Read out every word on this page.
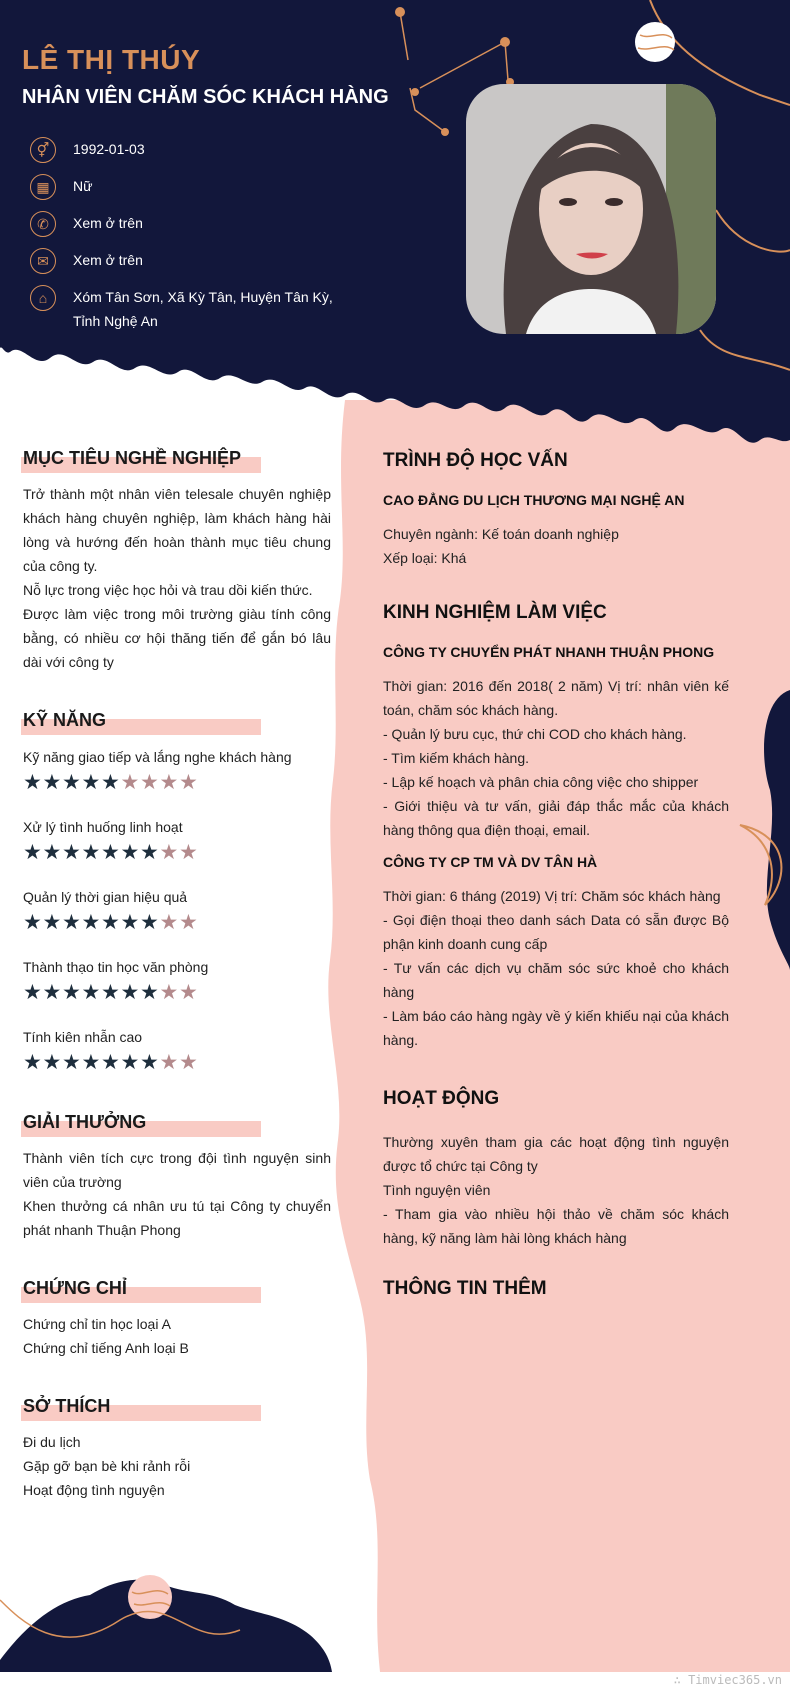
LÊ THỊ THÚY
NHÂN VIÊN CHĂM SÓC KHÁCH HÀNG
⚥	1992-01-03
▦	Nữ
✆	Xem ở trên
✉	Xem ở trên
⌂	Xóm Tân Sơn, Xã Kỳ Tân, Huyện Tân Kỳ, Tỉnh Nghệ An
MỤC TIÊU NGHỀ NGHIỆP
Trở thành một nhân viên telesale chuyên nghiệp khách hàng chuyên nghiệp, làm khách hàng hài lòng và hướng đến hoàn thành mục tiêu chung của công ty.
Nỗ lực trong việc học hỏi và trau dồi kiến thức.
Được làm việc trong môi trường giàu tính công bằng, có nhiều cơ hội thăng tiến để gắn bó lâu dài với công ty
KỸ NĂNG
Kỹ năng giao tiếp và lắng nghe khách hàng
★ ★ ★ ★ ★ ★ ★ ★ ★
Xử lý tình huống linh hoạt
★ ★ ★ ★ ★ ★ ★ ★ ★
Quản lý thời gian hiệu quả
★ ★ ★ ★ ★ ★ ★ ★ ★
Thành thạo tin học văn phòng
★ ★ ★ ★ ★ ★ ★ ★ ★
Tính kiên nhẫn cao
★ ★ ★ ★ ★ ★ ★ ★ ★
GIẢI THƯỞNG
Thành viên tích cực trong đội tình nguyện sinh viên của trường
Khen thưởng cá nhân ưu tú tại Công ty chuyển phát nhanh Thuận Phong
CHỨNG CHỈ
Chứng chỉ tin học loại A
Chứng chỉ tiếng Anh loại B
SỞ THÍCH
Đi du lịch
Gặp gỡ bạn bè khi rảnh rỗi
Hoạt động tình nguyện
TRÌNH ĐỘ HỌC VẤN
CAO ĐẲNG DU LỊCH THƯƠNG MẠI NGHỆ AN
Chuyên ngành: Kế toán doanh nghiệp
Xếp loại: Khá
KINH NGHIỆM LÀM VIỆC
CÔNG TY CHUYỂN PHÁT NHANH THUẬN PHONG
Thời gian: 2016 đến 2018( 2 năm) Vị trí: nhân viên kế toán, chăm sóc khách hàng.
- Quản lý bưu cục, thứ chi COD cho khách hàng.
- Tìm kiếm khách hàng.
- Lập kế hoạch và phân chia công việc cho shipper
- Giới thiệu và tư vấn, giải đáp thắc mắc của khách hàng thông qua điện thoại, email.
CÔNG TY CP TM VÀ DV TÂN HÀ
Thời gian: 6 tháng (2019) Vị trí: Chăm sóc khách hàng
- Gọi điện thoại theo danh sách Data có sẵn được Bộ phận kinh doanh cung cấp
- Tư vấn các dịch vụ chăm sóc sức khoẻ cho khách hàng
- Làm báo cáo hàng ngày về ý kiến khiếu nại của khách hàng.
HOẠT ĐỘNG
Thường xuyên tham gia các hoạt động tình nguyện được tổ chức tại Công ty
Tình nguyện viên
- Tham gia vào nhiều hội thảo về chăm sóc khách hàng, kỹ năng làm hài lòng khách hàng
THÔNG TIN THÊM
∴ Timviec365.vn
